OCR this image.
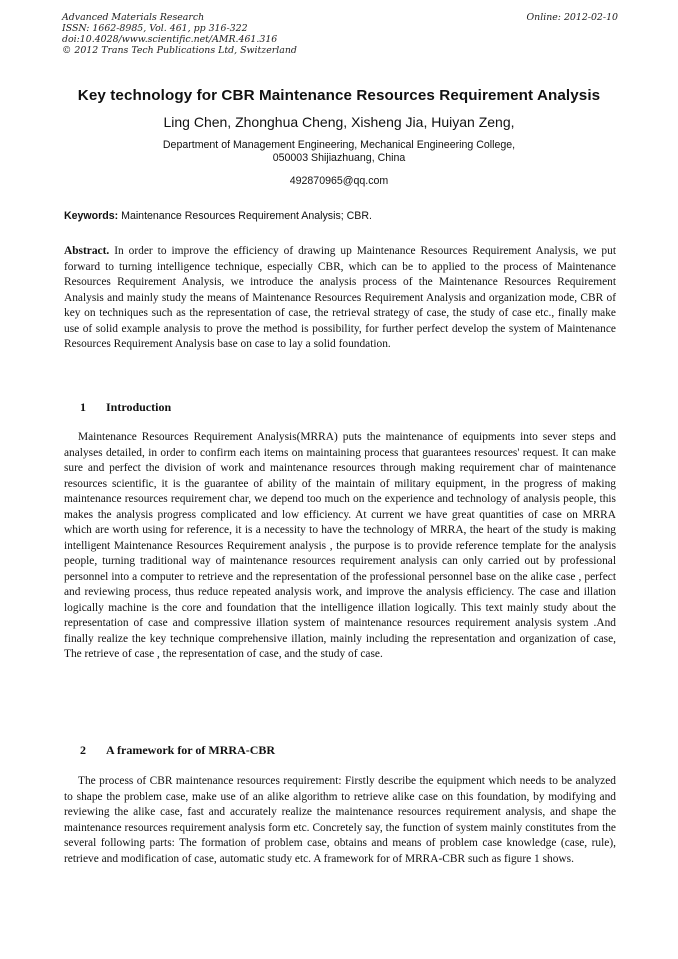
Advanced Materials Research
ISSN: 1662-8985, Vol. 461, pp 316-322
doi:10.4028/www.scientific.net/AMR.461.316
© 2012 Trans Tech Publications Ltd, Switzerland
Online: 2012-02-10
Key technology for CBR Maintenance Resources Requirement Analysis
Ling Chen, Zhonghua Cheng, Xisheng Jia, Huiyan Zeng,
Department of Management Engineering, Mechanical Engineering College,
050003 Shijiazhuang, China
492870965@qq.com
Keywords: Maintenance Resources Requirement Analysis; CBR.

Abstract. In order to improve the efficiency of drawing up Maintenance Resources Requirement Analysis, we put forward to turning intelligence technique, especially CBR, which can be to applied to the process of Maintenance Resources Requirement Analysis, we introduce the analysis process of the Maintenance Resources Requirement Analysis and mainly study the means of Maintenance Resources Requirement Analysis and organization mode, CBR of key on techniques such as the representation of case, the retrieval strategy of case, the study of case etc., finally make use of solid example analysis to prove the method is possibility, for further perfect develop the system of Maintenance Resources Requirement Analysis base on case to lay a solid foundation.

1 Introduction

Maintenance Resources Requirement Analysis(MRRA) puts the maintenance of equipments into sever steps and analyses detailed, in order to confirm each items on maintaining process that guarantees resources' request. It can make sure and perfect the division of work and maintenance resources through making requirement char of maintenance resources scientific, it is the guarantee of ability of the maintain of military equipment, in the progress of making maintenance resources requirement char, we depend too much on the experience and technology of analysis people, this makes the analysis progress complicated and low efficiency. At current we have great quantities of case on MRRA which are worth using for reference, it is a necessity to have the technology of MRRA, the heart of the study is making intelligent Maintenance Resources Requirement analysis , the purpose is to provide reference template for the analysis people, turning traditional way of maintenance resources requirement analysis can only carried out by professional personnel into a computer to retrieve and the representation of the professional personnel base on the alike case , perfect and reviewing process, thus reduce repeated analysis work, and improve the analysis efficiency. The case and illation logically machine is the core and foundation that the intelligence illation logically. This text mainly study about the representation of case and compressive illation system of maintenance resources requirement analysis system .And finally realize the key technique comprehensive illation, mainly including the representation and organization of case, The retrieve of case , the representation of case, and the study of case.

2 A framework for of MRRA-CBR

The process of CBR maintenance resources requirement: Firstly describe the equipment which needs to be analyzed to shape the problem case, make use of an alike algorithm to retrieve alike case on this foundation, by modifying and reviewing the alike case, fast and accurately realize the maintenance resources requirement analysis, and shape the maintenance resources requirement analysis form etc. Concretely say, the function of system mainly constitutes from the several following parts: The formation of problem case, obtains and means of problem case knowledge (case, rule), retrieve and modification of case, automatic study etc. A framework for of MRRA-CBR such as figure 1 shows.
